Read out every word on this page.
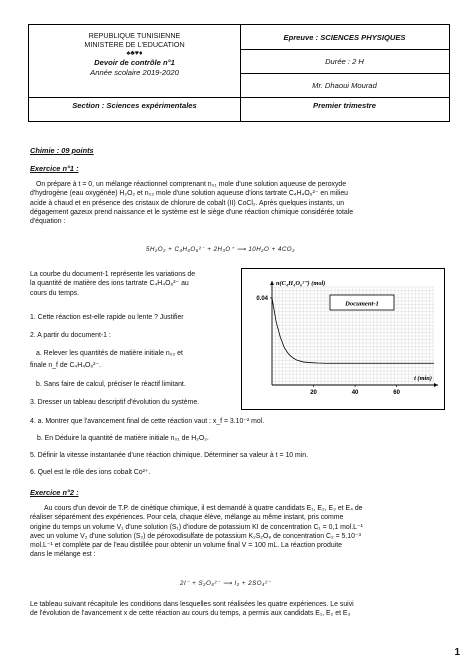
REPUBLIQUE TUNISIENNE
MINISTERE DE L'EDUCATION
♠♣♥♦
Devoir de contrôle n°1
Année scolaire 2019-2020
Section : Sciences expérimentales
Epreuve : SCIENCES PHYSIQUES
Durée : 2 H
Mr. Dhaoui Mourad
Premier trimestre
Chimie : 09 points
Exercice n°1 :
On prépare à t = 0, un mélange réactionnel comprenant n₀₁ mole d'une solution aqueuse de peroxyde
d'hydrogène (eau oxygénée) H₂O₂ et n₀₂ mole d'une solution aqueuse d'ions tartrate C₄H₄O₆²⁻ en milieu
acide à chaud et en présence des cristaux de chlorure de cobalt (II) CoCl₂. Après quelques instants, un
dégagement gazeux prend naissance et le système est le siège d'une réaction chimique considérée totale
d'équation :
5H₂O₂ + C₄H₄O₆²⁻ + 2H₃O⁺ ⟶ 10H₂O + 4CO₂
La courbe du document-1 représente les variations de
la quantité de matière des ions tartrate C₄H₄O₆²⁻ au
cours du temps.
1. Cette réaction est-elle rapide ou lente ? Justifier
2. A partir du document-1 :
a. Relever les quantités de matière initiale n₀₂ et
finale n_f de C₄H₄O₆²⁻.
b. Sans faire de calcul, préciser le réactif limitant.
3. Dresser un tableau descriptif d'évolution du système.
4. a. Montrer que l'avancement final de cette réaction vaut : x_f = 3.10⁻² mol.
b. En Déduire la quantité de matière initiale n₀₁ de H₂O₂.
5. Définir la vitesse instantanée d'une réaction chimique. Déterminer sa valeur à t = 10 min.
6. Quel est le rôle des ions cobalt Co²⁺.
20	40	60
0.04
n(C₄H₄O₆²⁻) (mol)
t (min)
Document-1
Exercice n°2 :
Au cours d'un devoir de T.P. de cinétique chimique, il est demandé à quatre candidats E₁, E₂, E₃ et E₄ de
réaliser séparément des expériences. Pour cela, chaque élève, mélange au même instant, pris comme
origine du temps un volume V₁ d'une solution (S₁) d'iodure de potassium KI de concentration C₁ = 0,1 mol.L⁻¹
avec un volume V₂ d'une solution (S₂) de péroxodisulfate de potassium K₂S₂O₈ de concentration C₂ = 5.10⁻³
mol.L⁻¹ et complète par de l'eau distillée pour obtenir un volume final V = 100 mL. La réaction produite
dans le mélange est :
2I⁻ + S₂O₈²⁻ ⟶ I₂ + 2SO₄²⁻
Le tableau suivant récapitule les conditions dans lesquelles sont réalisées les quatre expériences. Le suivi
de l'évolution de l'avancement x de cette réaction au cours du temps, a permis aux candidats E₁, E₂ et E₃
1
